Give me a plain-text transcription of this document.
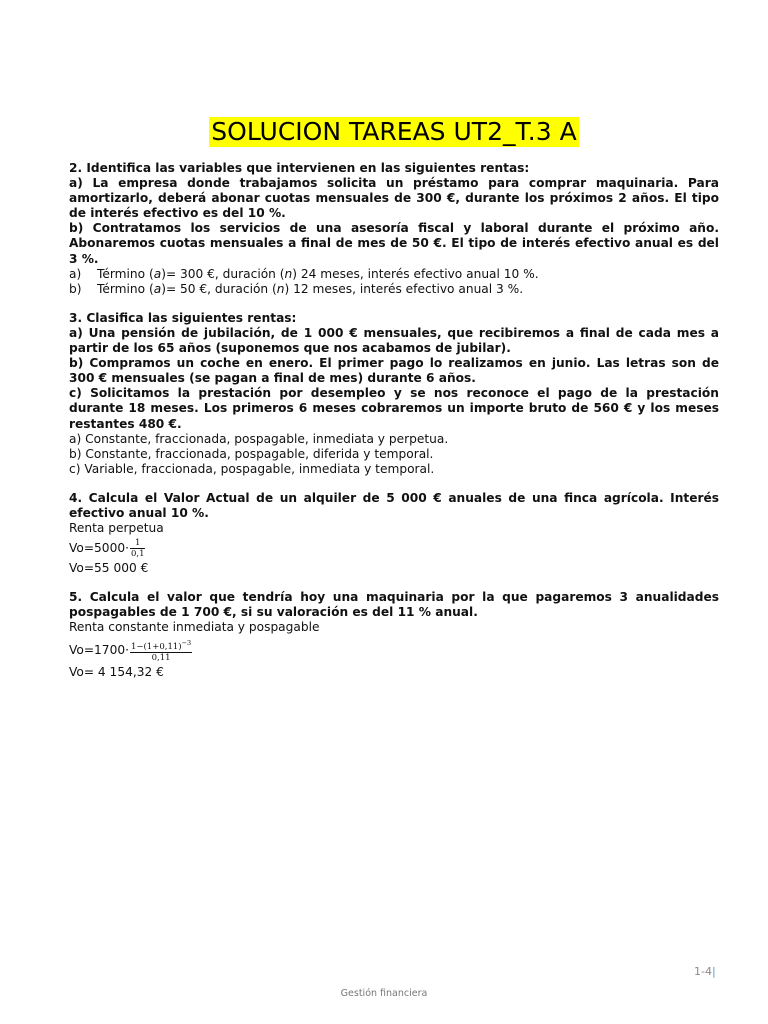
SOLUCION TAREAS UT2_T.3 A

2. Identifica las variables que intervienen en las siguientes rentas:

a) La empresa donde trabajamos solicita un préstamo para comprar maquinaria. Para amortizarlo, deberá abonar cuotas mensuales de 300 €, durante los próximos 2 años. El tipo de interés efectivo es del 10 %.

b) Contratamos los servicios de una asesoría fiscal y laboral durante el próximo año. Abonaremos cuotas mensuales a final de mes de 50 €. El tipo de interés efectivo anual es del 3 %.

a) Término (a)= 300 €, duración (n) 24 meses, interés efectivo anual 10 %.

b) Término (a)= 50 €, duración (n) 12 meses, interés efectivo anual 3 %.

3. Clasifica las siguientes rentas:

a) Una pensión de jubilación, de 1 000 € mensuales, que recibiremos a final de cada mes a partir de los 65 años (suponemos que nos acabamos de jubilar).

b) Compramos un coche en enero. El primer pago lo realizamos en junio. Las letras son de 300 € mensuales (se pagan a final de mes) durante 6 años.

c) Solicitamos la prestación por desempleo y se nos reconoce el pago de la prestación durante 18 meses. Los primeros 6 meses cobraremos un importe bruto de 560 € y los meses restantes 480 €.

a) Constante, fraccionada, pospagable, inmediata y perpetua.

b) Constante, fraccionada, pospagable, diferida y temporal.

c) Variable, fraccionada, pospagable, inmediata y temporal.

4. Calcula el Valor Actual de un alquiler de 5 000 € anuales de una finca agrícola. Interés efectivo anual 10 %.

Renta perpetua

$Vo=5000\cdot \frac{1}{0,1}$

Vo=55 000 €

5. Calcula el valor que tendría hoy una maquinaria por la que pagaremos 3 anualidades pospagables de 1 700 €, si su valoración es del 11 % anual.

Renta constante inmediata y pospagable

$Vo=1700\cdot \frac{1-(1+0,11)^{-3}}{0,11}$

Vo= 4 154,32 €

1-4|
Gestión financiera
